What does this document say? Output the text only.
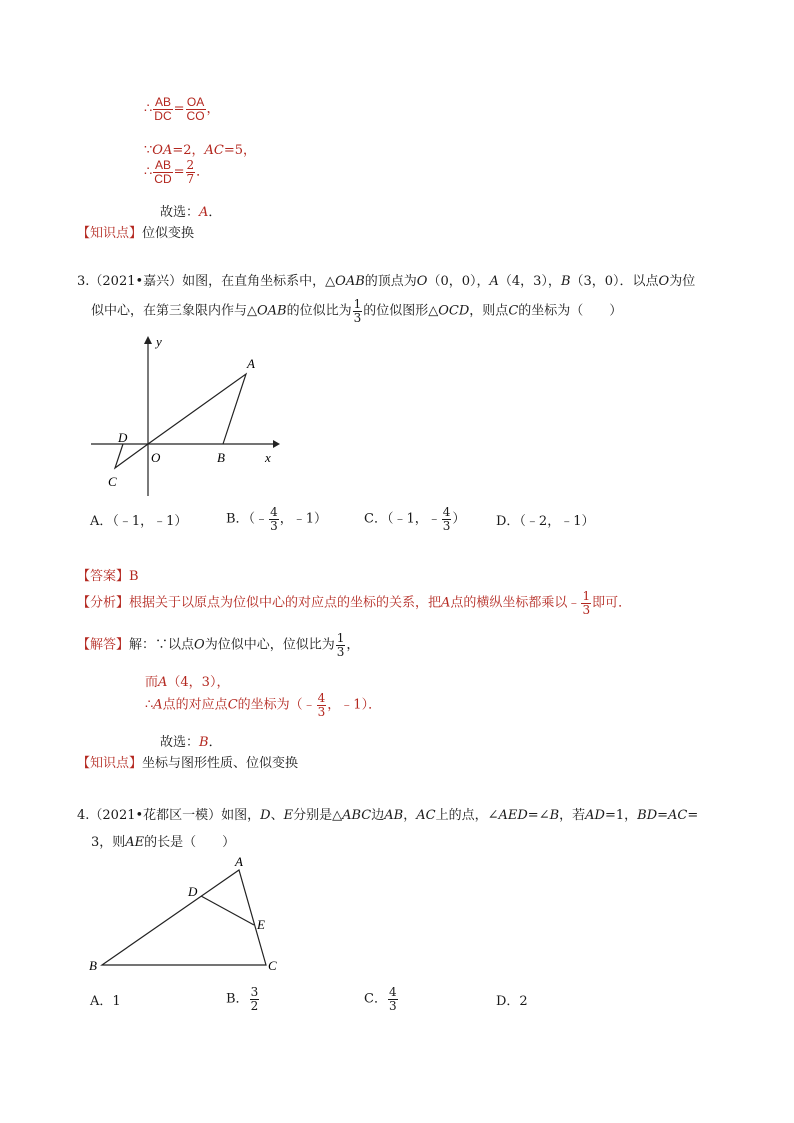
∴ $\frac{AB}{DC} = \frac{OA}{CO}$ ，
∵OA=2，AC=5，
∴ $\frac{AB}{CD} = \frac{2}{7}$ ．
故选：A．
【知识点】位似变换
3.（2021•嘉兴）如图，在直角坐标系中，△OAB的顶点为O（0，0），A（4，3），B（3，0）．以点O为位
似中心，在第三象限内作与△OAB的位似比为 $\frac{1}{3}$ 的位似图形△OCD，则点C的坐标为（　　）
y
x
A
B
O
D
C
A．（﹣1，﹣1）	B．（﹣ $\frac{4}{3}$ ，﹣1）	C．（﹣1，﹣ $\frac{4}{3}$ ） D．（﹣2，﹣1）
【答案】B
【分析】根据关于以原点为位似中心的对应点的坐标的关系，把A点的横纵坐标都乘以﹣ $\frac{1}{3}$ 即可．
【解答】解：∵以点O为位似中心，位似比为 $\frac{1}{3}$ ，
而A（4，3），
∴A点的对应点C的坐标为（﹣ $\frac{4}{3}$ ，﹣1）．
故选：B．
【知识点】坐标与图形性质、位似变换
4.（2021•花都区一模）如图，D、E分别是△ABC边AB，AC上的点，∠AED=∠B，若AD=1，BD=AC=
3，则AE的长是（　　）
A
D
E
B	C
A．1	B． $\frac{3}{2}$	C． $\frac{4}{3}$	D．2
